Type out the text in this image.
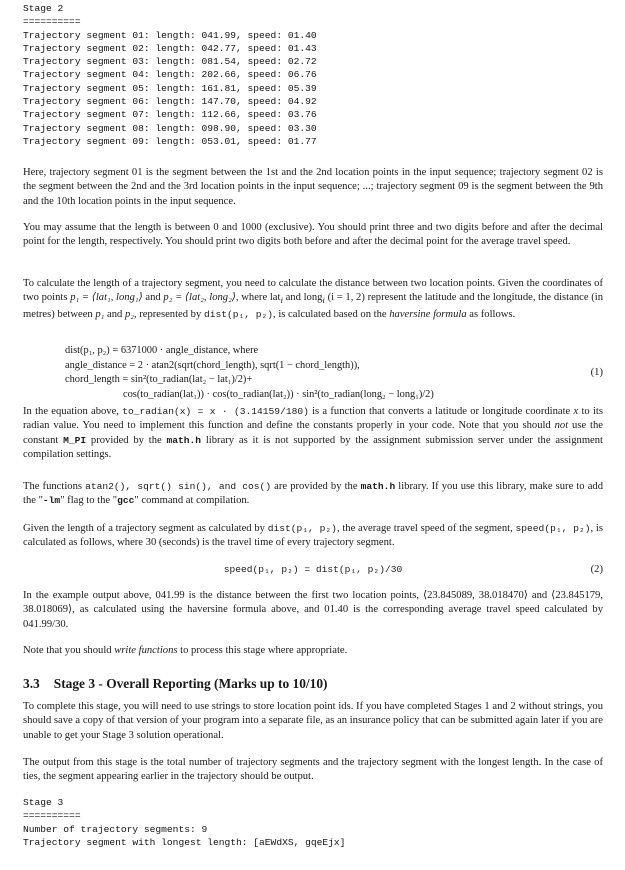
Stage 2
==========
Trajectory segment 01: length: 041.99, speed: 01.40
Trajectory segment 02: length: 042.77, speed: 01.43
Trajectory segment 03: length: 081.54, speed: 02.72
Trajectory segment 04: length: 202.66, speed: 06.76
Trajectory segment 05: length: 161.81, speed: 05.39
Trajectory segment 06: length: 147.70, speed: 04.92
Trajectory segment 07: length: 112.66, speed: 03.76
Trajectory segment 08: length: 098.90, speed: 03.30
Trajectory segment 09: length: 053.01, speed: 01.77
Here, trajectory segment 01 is the segment between the 1st and the 2nd location points in the input sequence; trajectory segment 02 is the segment between the 2nd and the 3rd location points in the input sequence; ...; trajectory segment 09 is the segment between the 9th and the 10th location points in the input sequence.
You may assume that the length is between 0 and 1000 (exclusive). You should print three and two digits before and after the decimal point for the length, respectively. You should print two digits both before and after the decimal point for the average travel speed.
To calculate the length of a trajectory segment, you need to calculate the distance between two location points. Given the coordinates of two points p₁ = ⟨lat₁, long₁⟩ and p₂ = ⟨lat₂, long₂⟩, where lat$_i$ and long$_i$ (i = 1, 2) represent the latitude and the longitude, the distance (in metres) between p₁ and p₂, represented by dist(p₁, p₂), is calculated based on the haversine formula as follows.
dist(p₁, p₂) = 6371000 · angle_distance, where
angle_distance = 2 · atan2(sqrt(chord_length), sqrt(1 − chord_length)),
chord_length = sin²(to_radian(lat₂ − lat₁)/2)+
cos(to_radian(lat₁)) · cos(to_radian(lat₂)) · sin²(to_radian(long₂ − long₁)/2)
(1)
In the equation above, to_radian(x) = x · (3.14159/180) is a function that converts a latitude or longitude coordinate x to its radian value. You need to implement this function and define the constants properly in your code. Note that you should not use the constant M_PI provided by the math.h library as it is not supported by the assignment submission server under the assignment compilation settings.
The functions atan2(), sqrt() sin(), and cos() are provided by the math.h library. If you use this library, make sure to add the "-lm" flag to the "gcc" command at compilation.
Given the length of a trajectory segment as calculated by dist(p₁, p₂), the average travel speed of the segment, speed(p₁, p₂), is calculated as follows, where 30 (seconds) is the travel time of every trajectory segment.
speed(p₁, p₂) = dist(p₁, p₂)/30	(2)
In the example output above, 041.99 is the distance between the first two location points, ⟨23.845089, 38.018470⟩ and ⟨23.845179, 38.018069⟩, as calculated using the haversine formula above, and 01.40 is the corresponding average travel speed calculated by 041.99/30.
Note that you should write functions to process this stage where appropriate.
3.3 Stage 3 - Overall Reporting (Marks up to 10/10)
To complete this stage, you will need to use strings to store location point ids. If you have completed Stages 1 and 2 without strings, you should save a copy of that version of your program into a separate file, as an insurance policy that can be submitted again later if you are unable to get your Stage 3 solution operational.
The output from this stage is the total number of trajectory segments and the trajectory segment with the longest length. In the case of ties, the segment appearing earlier in the trajectory should be output.
Stage 3
==========
Number of trajectory segments: 9
Trajectory segment with longest length: [aEWdXS, gqeEjx]
